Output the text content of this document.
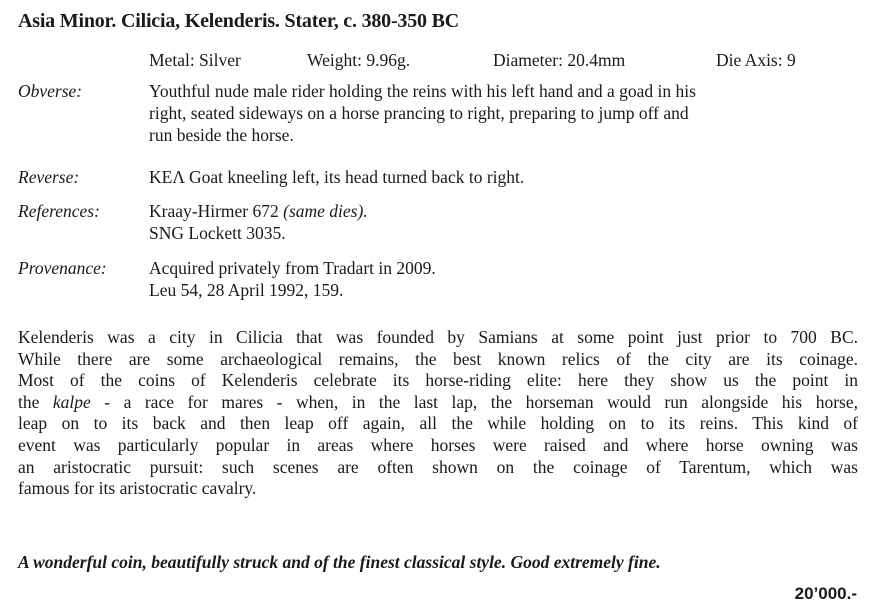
Asia Minor. Cilicia, Kelenderis. Stater, c. 380-350 BC
Metal: Silver	Weight: 9.96g.	Diameter: 20.4mm	Die Axis: 9
Obverse:	Youthful nude male rider holding the reins with his left hand and a goad in his
right, seated sideways on a horse prancing to right, preparing to jump off and
run beside the horse.
Reverse:	ΚΕΛ Goat kneeling left, its head turned back to right.
References:	Kraay-Hirmer 672 (same dies).
SNG Lockett 3035.
Provenance: Acquired privately from Tradart in 2009.
Leu 54, 28 April 1992, 159.
Kelenderis was a city in Cilicia that was founded by Samians at some point just prior to 700 BC.
While there are some archaeological remains, the best known relics of the city are its coinage.
Most of the coins of Kelenderis celebrate its horse-riding elite: here they show us the point in
the kalpe - a race for mares - when, in the last lap, the horseman would run alongside his horse,
leap on to its back and then leap off again, all the while holding on to its reins. This kind of
event was particularly popular in areas where horses were raised and where horse owning was
an aristocratic pursuit: such scenes are often shown on the coinage of Tarentum, which was
famous for its aristocratic cavalry.
A wonderful coin, beautifully struck and of the finest classical style. Good extremely fine.
20’000.-
